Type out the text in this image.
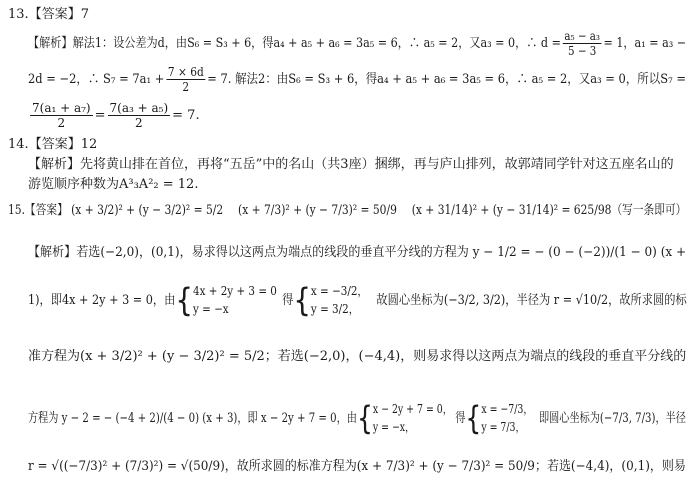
13.【答案】7
【解析】 解法1：设公差为d，由S₆ = S₃ + 6，得a₄ + a₅ + a₆ = 3a₅ = 6，∴ a₅ = 2，又a₃ = 0，∴ $d = \frac{\text{a₅ − a₃}}{5 - 3} = 1$，a₁ = a₃ −
2d = −2，∴ $S_7 = 7a_1 + \frac{7 \times 6d}{2} = 7$. 解法2：由S₆ = S₃ + 6，得a₄ + a₅ + a₆ = 3a₅ = 6，∴ a₅ = 2，又a₃ = 0，所以S₇ =
$\frac{\text{7(a₁ + a₇)}}{2} = \frac{\text{7(a₃ + a₅)}}{2} = 7$.
14.【答案】12
【解析】先将黄山排在首位，再将“五岳”中的名山（共3座）捆绑，再与庐山排列，故郭靖同学针对这五座名山的
游览顺序种数为A³₃A²₂ = 12.
15. 【答案】 (x + 3/2)² + (y − 3/2)² = 5/2 (x + 7/3)² + (y − 7/3)² = 50/9 (x + 31/14)² + (y − 31/14)² = 625/98 （写一条即可）
【解析】若选(−2,0)，(0,1)，易求得以这两点为端点的线段的垂直平分线的方程为 y − 1/2 = − (0 − (−2))/(1 − 0) (x +
1)，即4x + 2y + 3 = 0，由 { 4x + 2y + 3 = 0
y = −x
得 { x = −3/2，
y = 3/2，
故圆心坐标为(−3/2, 3/2)，半径为 r = √10/2，故所求圆的标
准方程为(x + 3/2)² + (y − 3/2)² = 5/2；若选(−2,0)，(−4,4)，则易求得以这两点为端点的线段的垂直平分线的
方程为 y − 2 = − (−4 + 2)/(4 − 0) (x + 3)，即 x − 2y + 7 = 0，由 { x − 2y + 7 = 0，
y = −x，
得 { x = −7/3，
y = 7/3，
即圆心坐标为(−7/3, 7/3)，半径
r = √((−7/3)² + (7/3)²) = √(50/9)，故所求圆的标准方程为(x + 7/3)² + (y − 7/3)² = 50/9；若选(−4,4)，(0,1)，则易
